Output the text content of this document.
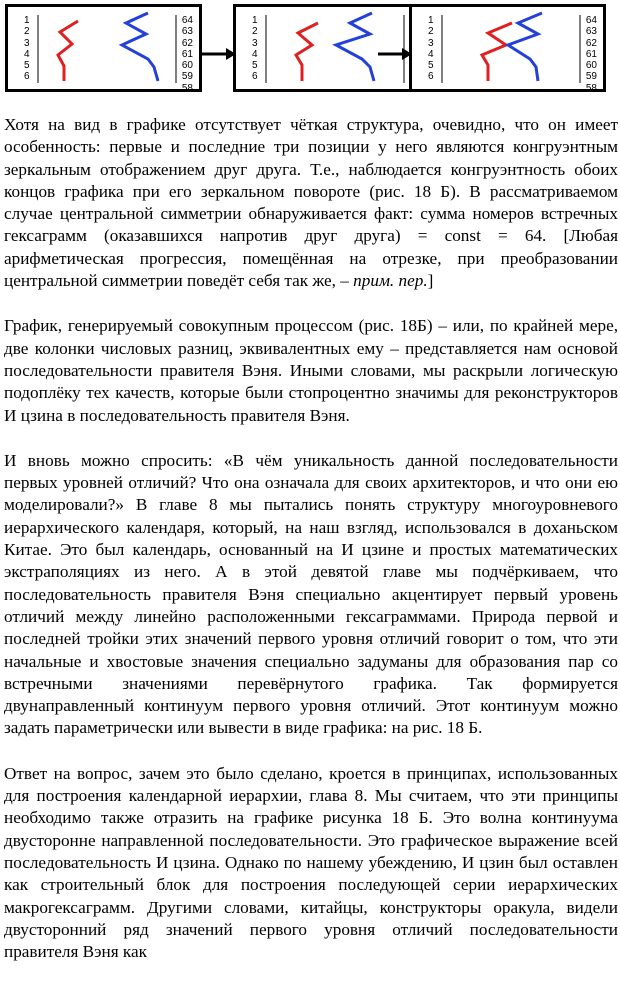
1
2
3
4
5
6
64
63
62
61
60
59
58
1
2
3
4
5
6
1
2
3
4
5
6
64
63
62
61
60
59
58

Хотя на вид в графике отсутствует чёткая структура, очевидно, что он имеет особенность: первые и последние три позиции у него являются конгруэнтным зеркальным отображением друг друга. Т.е., наблюдается конгруэнтность обоих концов графика при его зеркальном повороте (рис. 18 Б). В рассматриваемом случае центральной симметрии обнаруживается факт: сумма номеров встречных гексаграмм (оказавшихся напротив друг друга) = const = 64. [Любая арифметическая прогрессия, помещённая на отрезке, при преобразовании центральной симметрии поведёт себя так же, – прим. пер.]

График, генерируемый совокупным процессом (рис. 18Б) – или, по крайней мере, две колонки числовых разниц, эквивалентных ему – представляется нам основой последовательности правителя Вэня. Иными словами, мы раскрыли логическую подоплёку тех качеств, которые были стопроцентно значимы для реконструкторов И цзина в последовательность правителя Вэня.

И вновь можно спросить: «В чём уникальность данной последовательности первых уровней отличий? Что она означала для своих архитекторов, и что они ею моделировали?» В главе 8 мы пытались понять структуру многоуровневого иерархического календаря, который, на наш взгляд, использовался в доханьском Китае. Это был календарь, основанный на И цзине и простых математических экстраполяциях из него. А в этой девятой главе мы подчёркиваем, что последовательность правителя Вэня специально акцентирует первый уровень отличий между линейно расположенными гексаграммами. Природа первой и последней тройки этих значений первого уровня отличий говорит о том, что эти начальные и хвостовые значения специально задуманы для образования пар со встречными значениями перевёрнутого графика. Так формируется двунаправленный континуум первого уровня отличий. Этот континуум можно задать параметрически или вывести в виде графика: на рис. 18 Б.

Ответ на вопрос, зачем это было сделано, кроется в принципах, использованных для построения календарной иерархии, глава 8. Мы считаем, что эти принципы необходимо также отразить на графике рисунка 18 Б. Это волна континуума двусторонне направленной последовательности. Это графическое выражение всей последовательность И цзина. Однако по нашему убеждению, И цзин был оставлен как строительный блок для построения последующей серии иерархических макрогексаграмм. Другими словами, китайцы, конструкторы оракула, видели двусторонний ряд значений первого уровня отличий последовательности правителя Вэня как
